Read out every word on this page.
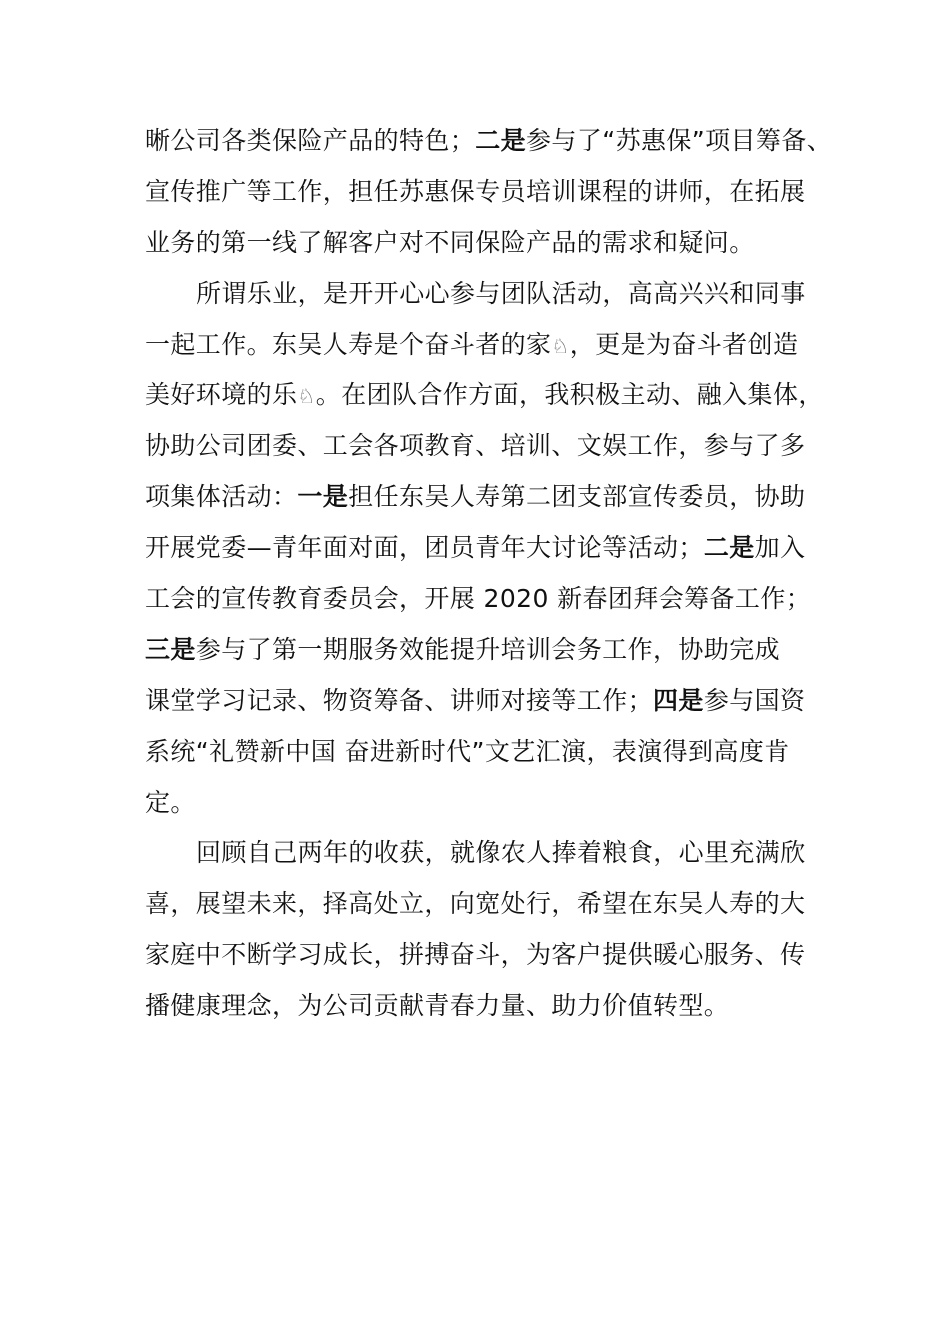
晰公司各类保险产品的特色；二是参与了“苏惠保”项目筹备、
宣传推广等工作，担任苏惠保专员培训课程的讲师，在拓展
业务的第一线了解客户对不同保险产品的需求和疑问。
所谓乐业，是开开心心参与团队活动，高高兴兴和同事
一起工作。东吴人寿是个奋斗者的家♘，更是为奋斗者创造
美好环境的乐♘。在团队合作方面，我积极主动、融入集体，
协助公司团委、工会各项教育、培训、文娱工作，参与了多
项集体活动：一是担任东吴人寿第二团支部宣传委员，协助
开展党委—青年面对面，团员青年大讨论等活动；二是加入
工会的宣传教育委员会，开展 2020 新春团拜会筹备工作；
三是参与了第一期服务效能提升培训会务工作，协助完成
课堂学习记录、物资筹备、讲师对接等工作；四是参与国资
系统“礼赞新中国 奋进新时代”文艺汇演，表演得到高度肯
定。
回顾自己两年的收获，就像农人捧着粮食，心里充满欣
喜，展望未来，择高处立，向宽处行，希望在东吴人寿的大
家庭中不断学习成长，拼搏奋斗，为客户提供暖心服务、传
播健康理念，为公司贡献青春力量、助力价值转型。
